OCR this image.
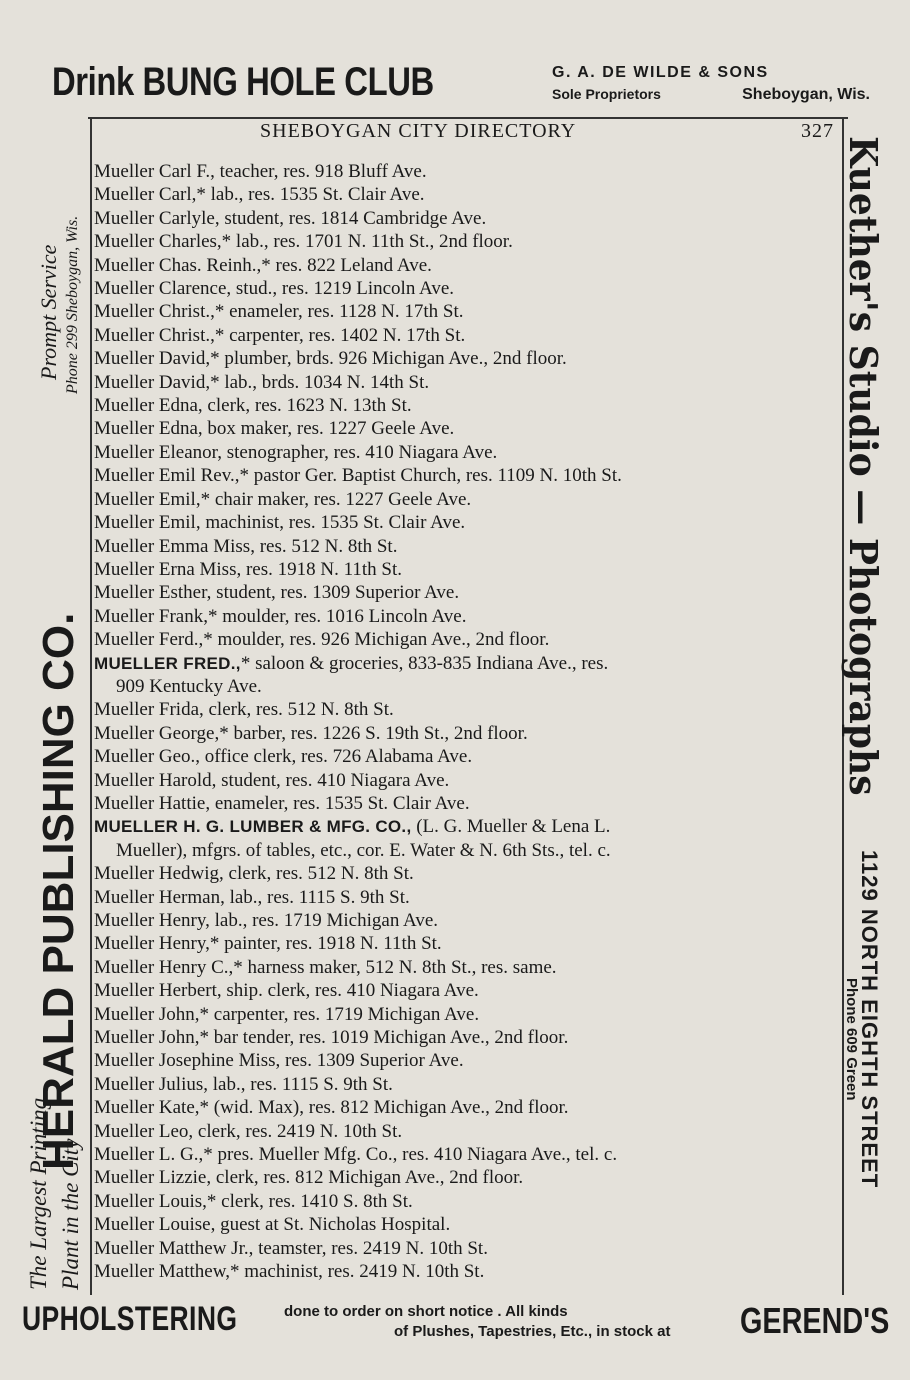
Drink BUNG HOLE CLUB	G. A. DE WILDE & SONS
Sole Proprietors	Sheboygan, Wis.
SHEBOYGAN CITY DIRECTORY	327
Mueller Carl F., teacher, res. 918 Bluff Ave.
Mueller Carl,* lab., res. 1535 St. Clair Ave.
Mueller Carlyle, student, res. 1814 Cambridge Ave.
Mueller Charles,* lab., res. 1701 N. 11th St., 2nd floor.
Mueller Chas. Reinh.,* res. 822 Leland Ave.
Mueller Clarence, stud., res. 1219 Lincoln Ave.
Mueller Christ.,* enameler, res. 1128 N. 17th St.
Mueller Christ.,* carpenter, res. 1402 N. 17th St.
Mueller David,* plumber, brds. 926 Michigan Ave., 2nd floor.
Mueller David,* lab., brds. 1034 N. 14th St.
Mueller Edna, clerk, res. 1623 N. 13th St.
Mueller Edna, box maker, res. 1227 Geele Ave.
Mueller Eleanor, stenographer, res. 410 Niagara Ave.
Mueller Emil Rev.,* pastor Ger. Baptist Church, res. 1109 N. 10th St.
Mueller Emil,* chair maker, res. 1227 Geele Ave.
Mueller Emil, machinist, res. 1535 St. Clair Ave.
Mueller Emma Miss, res. 512 N. 8th St.
Mueller Erna Miss, res. 1918 N. 11th St.
Mueller Esther, student, res. 1309 Superior Ave.
Mueller Frank,* moulder, res. 1016 Lincoln Ave.
Mueller Ferd.,* moulder, res. 926 Michigan Ave., 2nd floor.
MUELLER FRED.,* saloon & groceries, 833-835 Indiana Ave., res.
909 Kentucky Ave.
Mueller Frida, clerk, res. 512 N. 8th St.
Mueller George,* barber, res. 1226 S. 19th St., 2nd floor.
Mueller Geo., office clerk, res. 726 Alabama Ave.
Mueller Harold, student, res. 410 Niagara Ave.
Mueller Hattie, enameler, res. 1535 St. Clair Ave.
MUELLER H. G. LUMBER & MFG. CO., (L. G. Mueller & Lena L.
Mueller), mfgrs. of tables, etc., cor. E. Water & N. 6th Sts., tel. c.
Mueller Hedwig, clerk, res. 512 N. 8th St.
Mueller Herman, lab., res. 1115 S. 9th St.
Mueller Henry, lab., res. 1719 Michigan Ave.
Mueller Henry,* painter, res. 1918 N. 11th St.
Mueller Henry C.,* harness maker, 512 N. 8th St., res. same.
Mueller Herbert, ship. clerk, res. 410 Niagara Ave.
Mueller John,* carpenter, res. 1719 Michigan Ave.
Mueller John,* bar tender, res. 1019 Michigan Ave., 2nd floor.
Mueller Josephine Miss, res. 1309 Superior Ave.
Mueller Julius, lab., res. 1115 S. 9th St.
Mueller Kate,* (wid. Max), res. 812 Michigan Ave., 2nd floor.
Mueller Leo, clerk, res. 2419 N. 10th St.
Mueller L. G.,* pres. Mueller Mfg. Co., res. 410 Niagara Ave., tel. c.
Mueller Lizzie, clerk, res. 812 Michigan Ave., 2nd floor.
Mueller Louis,* clerk, res. 1410 S. 8th St.
Mueller Louise, guest at St. Nicholas Hospital.
Mueller Matthew Jr., teamster, res. 2419 N. 10th St.
Mueller Matthew,* machinist, res. 2419 N. 10th St.
Prompt Service Phone 299 Sheboygan, Wis.
HERALD PUBLISHING CO.
The Largest Printing Plant in the City
Kuether's Studio — Photographs
1129 NORTH EIGHTH STREET
Phone 609 Green
UPHOLSTERING	done to order on short notice . All kinds
of Plushes, Tapestries, Etc., in stock at	GEREND'S
